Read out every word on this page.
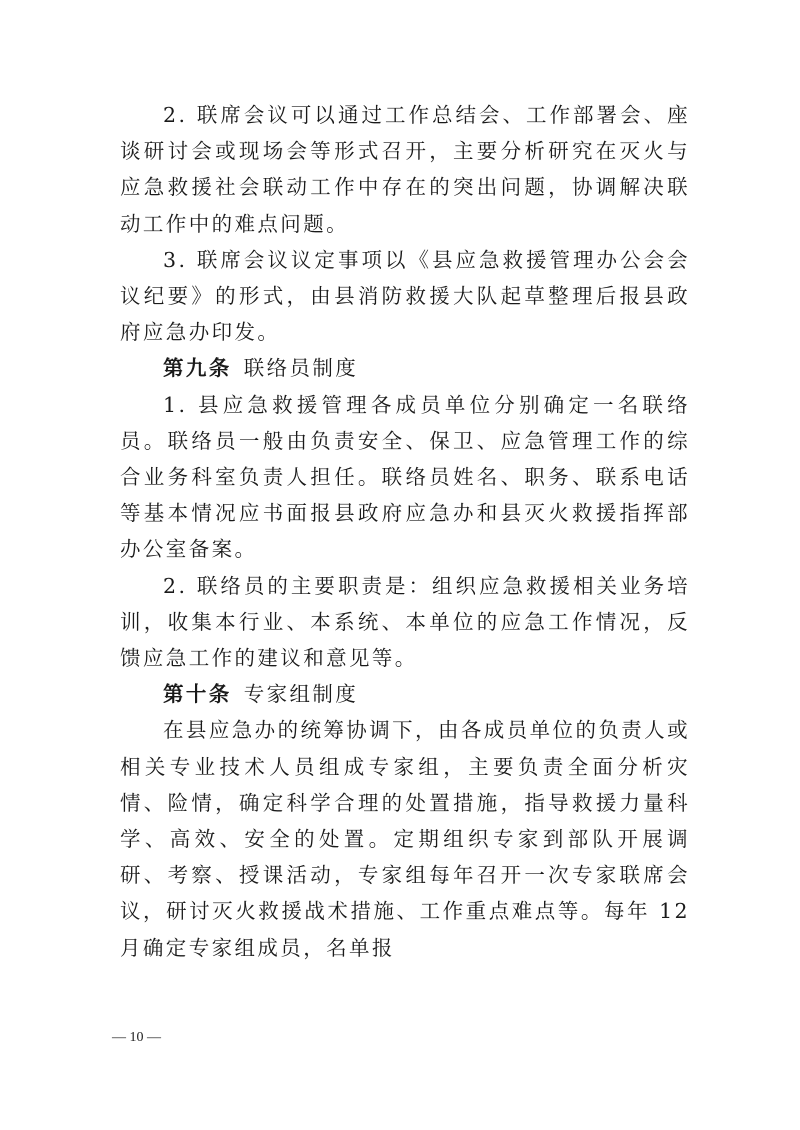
2. 联席会议可以通过工作总结会、工作部署会、座谈研讨会或现场会等形式召开，主要分析研究在灭火与应急救援社会联动工作中存在的突出问题，协调解决联动工作中的难点问题。

3. 联席会议议定事项以《县应急救援管理办公会会议纪要》的形式，由县消防救援大队起草整理后报县政府应急办印发。

第九条 联络员制度

1. 县应急救援管理各成员单位分别确定一名联络员。联络员一般由负责安全、保卫、应急管理工作的综合业务科室负责人担任。联络员姓名、职务、联系电话等基本情况应书面报县政府应急办和县灭火救援指挥部办公室备案。

2. 联络员的主要职责是：组织应急救援相关业务培训，收集本行业、本系统、本单位的应急工作情况，反馈应急工作的建议和意见等。

第十条 专家组制度

在县应急办的统筹协调下，由各成员单位的负责人或相关专业技术人员组成专家组，主要负责全面分析灾情、险情，确定科学合理的处置措施，指导救援力量科学、高效、安全的处置。定期组织专家到部队开展调研、考察、授课活动，专家组每年召开一次专家联席会议，研讨灭火救援战术措施、工作重点难点等。每年 12 月确定专家组成员，名单报

— 10 —
